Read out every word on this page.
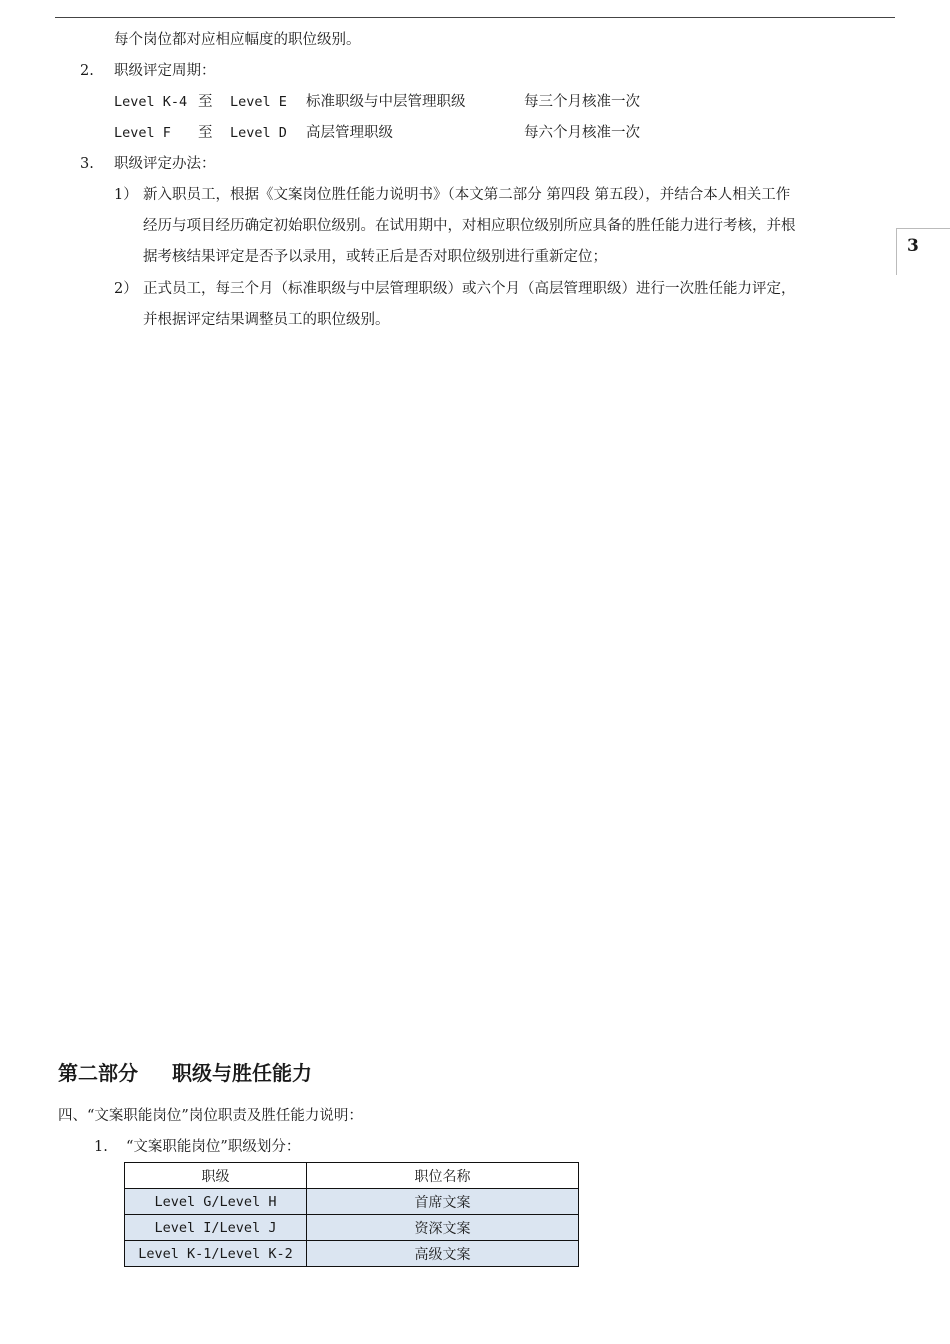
每个岗位都对应相应幅度的职位级别。
2. 职级评定周期：
Level K-4 至 Level E 标准职级与中层管理职级	每三个月核准一次
Level F 至 Level D 高层管理职级	每六个月核准一次
3. 职级评定办法：
1） 新入职员工，根据《文案岗位胜任能力说明书》（本文第二部分 第四段 第五段），并结合本人相关工作
经历与项目经历确定初始职位级别。在试用期中，对相应职位级别所应具备的胜任能力进行考核，并根
据考核结果评定是否予以录用，或转正后是否对职位级别进行重新定位；
2） 正式员工，每三个月（标准职级与中层管理职级）或六个月（高层管理职级）进行一次胜任能力评定，
并根据评定结果调整员工的职位级别。
3
第二部分 职级与胜任能力
四、“文案职能岗位”岗位职责及胜任能力说明：
1. “文案职能岗位”职级划分：
职级	职位名称
Level G/Level H	首席文案
Level I/Level J	资深文案
Level K-1/Level K-2	高级文案
